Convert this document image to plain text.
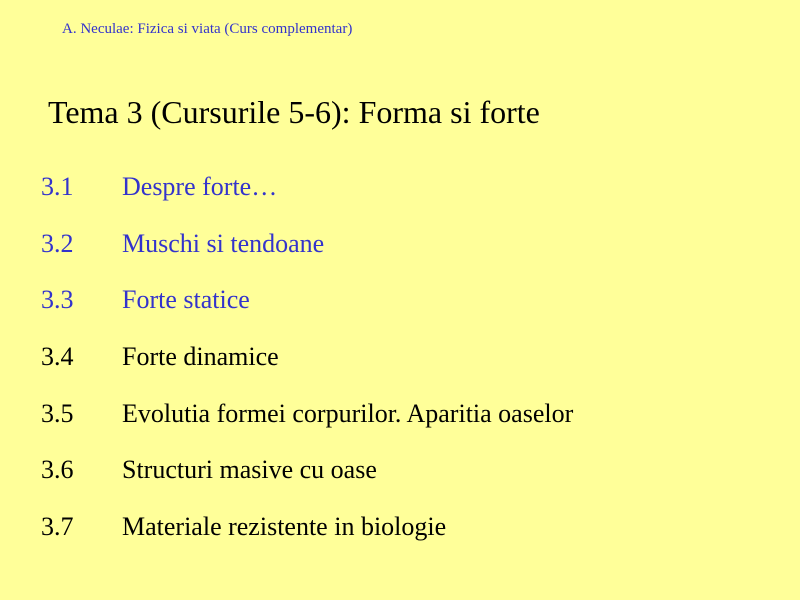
A. Neculae: Fizica si viata (Curs complementar)
Tema 3 (Cursurile 5-6): Forma si forte
3.1	Despre forte…
3.2	Muschi si tendoane
3.3	Forte statice
3.4	Forte dinamice
3.5	Evolutia formei corpurilor. Aparitia oaselor
3.6	Structuri masive cu oase
3.7	Materiale rezistente in biologie
